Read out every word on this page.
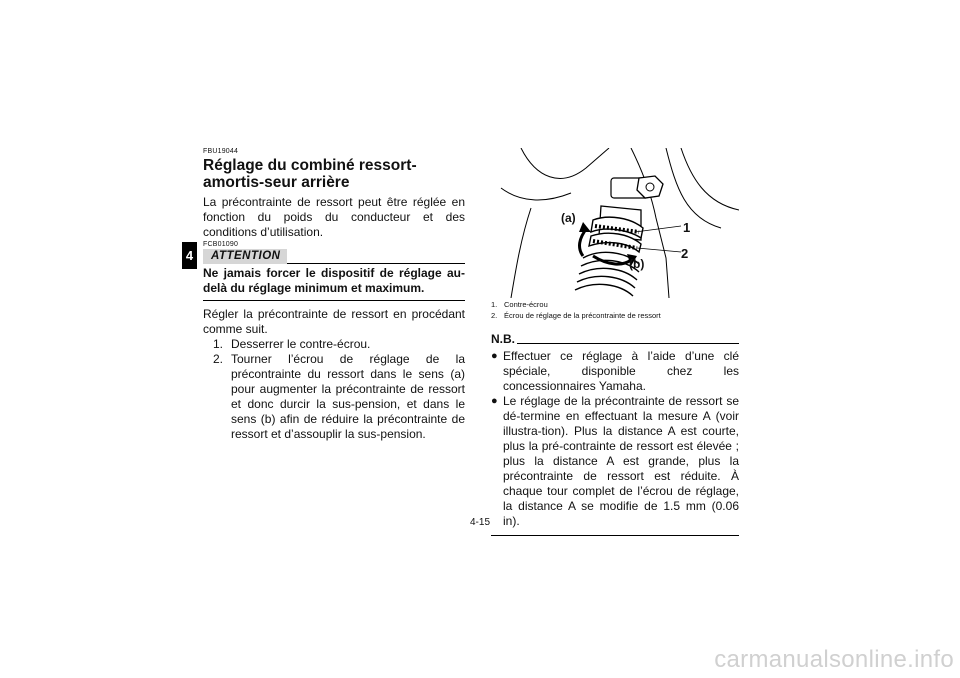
4
FBU19044
Réglage du combiné ressort-amortis-seur arrière

La précontrainte de ressort peut être réglée en fonction du poids du conducteur et des conditions d’utilisation.

FCB01090
ATTENTION
Ne jamais forcer le dispositif de réglage au-delà du réglage minimum et maximum.

Régler la précontrainte de ressort en procédant comme suit.

1. Desserrer le contre-écrou.
2. Tourner l’écrou de réglage de la précontrainte du ressort dans le sens (a) pour augmenter la précontrainte de ressort et donc durcir la sus-pension, et dans le sens (b) afin de réduire la précontrainte de ressort et d’assouplir la sus-pension.
(a)
(b)
1
2
1. Contre-écrou
2. Écrou de réglage de la précontrainte de ressort
N.B.
● Effectuer ce réglage à l’aide d’une clé spéciale, disponible chez les concessionnaires Yamaha.
● Le réglage de la précontrainte de ressort se dé-termine en effectuant la mesure A (voir illustra-tion). Plus la distance A est courte, plus la pré-contrainte de ressort est élevée ; plus la distance A est grande, plus la précontrainte de ressort est réduite. À chaque tour complet de l’écrou de réglage, la distance A se modifie de 1.5 mm (0.06 in).
4-15
carmanualsonline.info
